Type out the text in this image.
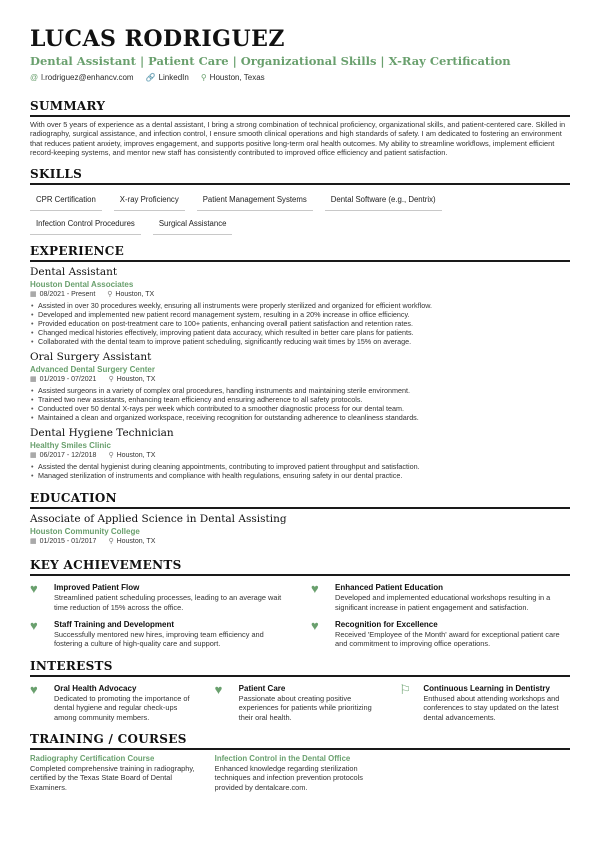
LUCAS RODRIGUEZ
Dental Assistant | Patient Care | Organizational Skills | X-Ray Certification
@ l.rodriguez@enhancv.com 🔗 LinkedIn ⚲ Houston, Texas
SUMMARY
With over 5 years of experience as a dental assistant, I bring a strong combination of technical proficiency, organizational skills, and patient-centered care. Skilled in radiography, surgical assistance, and infection control, I ensure smooth clinical operations and high standards of safety. I am dedicated to fostering an environment that reduces patient anxiety, improves engagement, and supports positive long-term oral health outcomes. My ability to streamline workflows, implement efficient record-keeping systems, and mentor new staff has consistently contributed to improved office efficiency and patient satisfaction.
SKILLS
CPR Certification	X-ray Proficiency	Patient Management Systems	Dental Software (e.g., Dentrix)
Infection Control Procedures	Surgical Assistance
EXPERIENCE
Dental Assistant
Houston Dental Associates
▦ 08/2021 - Present ⚲ Houston, TX
• Assisted in over 30 procedures weekly, ensuring all instruments were properly sterilized and organized for efficient workflow.
• Developed and implemented new patient record management system, resulting in a 20% increase in office efficiency.
• Provided education on post-treatment care to 100+ patients, enhancing overall patient satisfaction and retention rates.
• Changed medical histories effectively, improving patient data accuracy, which resulted in better care plans for patients.
• Collaborated with the dental team to improve patient scheduling, significantly reducing wait times by 15% on average.
Oral Surgery Assistant
Advanced Dental Surgery Center
▦ 01/2019 - 07/2021 ⚲ Houston, TX
• Assisted surgeons in a variety of complex oral procedures, handling instruments and maintaining sterile environment.
• Trained two new assistants, enhancing team efficiency and ensuring adherence to all safety protocols.
• Conducted over 50 dental X-rays per week which contributed to a smoother diagnostic process for our dental team.
• Maintained a clean and organized workspace, receiving recognition for outstanding adherence to cleanliness standards.
Dental Hygiene Technician
Healthy Smiles Clinic
▦ 06/2017 - 12/2018 ⚲ Houston, TX
• Assisted the dental hygienist during cleaning appointments, contributing to improved patient throughput and satisfaction.
• Managed sterilization of instruments and compliance with health regulations, ensuring safety in our dental practice.
EDUCATION
Associate of Applied Science in Dental Assisting
Houston Community College
▦ 01/2015 - 01/2017 ⚲ Houston, TX
KEY ACHIEVEMENTS
♥	Improved Patient Flow
Streamlined patient scheduling processes, leading to an average wait time reduction of 15% across the office.
♥	Enhanced Patient Education
Developed and implemented educational workshops resulting in a significant increase in patient engagement and satisfaction.
♥	Staff Training and Development
Successfully mentored new hires, improving team efficiency and fostering a culture of high-quality care and support.
♥	Recognition for Excellence
Received 'Employee of the Month' award for exceptional patient care and commitment to improving office operations.
INTERESTS
♥	Oral Health Advocacy
Dedicated to promoting the importance of dental hygiene and regular check-ups among community members.
♥	Patient Care
Passionate about creating positive experiences for patients while prioritizing their oral health.
⚐	Continuous Learning in Dentistry
Enthused about attending workshops and conferences to stay updated on the latest dental advancements.
TRAINING / COURSES
Radiography Certification Course
Completed comprehensive training in radiography, certified by the Texas State Board of Dental Examiners.
Infection Control in the Dental Office
Enhanced knowledge regarding sterilization techniques and infection prevention protocols provided by dentalcare.com.
